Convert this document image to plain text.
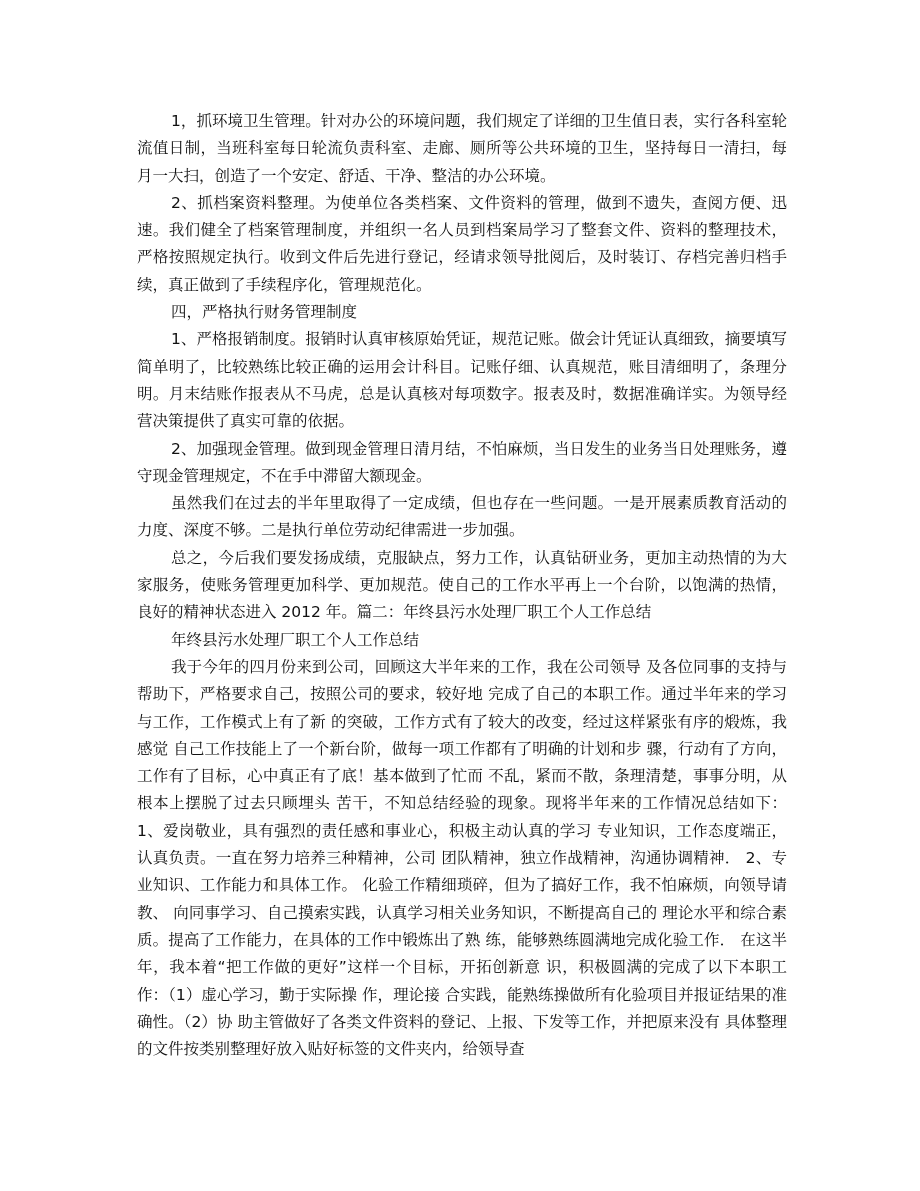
1，抓环境卫生管理。针对办公的环境问题，我们规定了详细的卫生值日表，实行各科室轮流值日制，当班科室每日轮流负责科室、走廊、厕所等公共环境的卫生，坚持每日一清扫，每月一大扫，创造了一个安定、舒适、干净、整洁的办公环境。

2、抓档案资料整理。为使单位各类档案、文件资料的管理，做到不遗失，查阅方便、迅速。我们健全了档案管理制度，并组织一名人员到档案局学习了整套文件、资料的整理技术，严格按照规定执行。收到文件后先进行登记，经请求领导批阅后，及时装订、存档完善归档手续，真正做到了手续程序化，管理规范化。

四，严格执行财务管理制度

1、严格报销制度。报销时认真审核原始凭证，规范记账。做会计凭证认真细致，摘要填写简单明了，比较熟练比较正确的运用会计科目。记账仔细、认真规范，账目清细明了，条理分明。月末结账作报表从不马虎，总是认真核对每项数字。报表及时，数据准确详实。为领导经营决策提供了真实可靠的依据。

2、加强现金管理。做到现金管理日清月结，不怕麻烦，当日发生的业务当日处理账务，遵守现金管理规定，不在手中滞留大额现金。

虽然我们在过去的半年里取得了一定成绩，但也存在一些问题。一是开展素质教育活动的力度、深度不够。二是执行单位劳动纪律需进一步加强。

总之，今后我们要发扬成绩，克服缺点，努力工作，认真钻研业务，更加主动热情的为大家服务，使账务管理更加科学、更加规范。使自己的工作水平再上一个台阶，以饱满的热情，良好的精神状态进入 2012 年。篇二：年终县污水处理厂职工个人工作总结

年终县污水处理厂职工个人工作总结

我于今年的四月份来到公司，回顾这大半年来的工作，我在公司领导 及各位同事的支持与帮助下，严格要求自己，按照公司的要求，较好地 完成了自己的本职工作。通过半年来的学习与工作，工作模式上有了新 的突破，工作方式有了较大的改变，经过这样紧张有序的煅炼，我感觉 自己工作技能上了一个新台阶，做每一项工作都有了明确的计划和步 骤，行动有了方向，工作有了目标，心中真正有了底！基本做到了忙而 不乱，紧而不散，条理清楚，事事分明，从根本上摆脱了过去只顾埋头 苦干，不知总结经验的现象。现将半年来的工作情况总结如下： 1、爱岗敬业，具有强烈的责任感和事业心，积极主动认真的学习 专业知识，工作态度端正，认真负责。一直在努力培养三种精神，公司 团队精神，独立作战精神，沟通协调精神． 2、专业知识、工作能力和具体工作。 化验工作精细琐碎，但为了搞好工作，我不怕麻烦，向领导请教、 向同事学习、自己摸索实践，认真学习相关业务知识，不断提高自己的 理论水平和综合素质。提高了工作能力，在具体的工作中锻炼出了熟 练，能够熟练圆满地完成化验工作． 在这半年，我本着“把工作做的更好”这样一个目标，开拓创新意 识，积极圆满的完成了以下本职工作：（1）虚心学习，勤于实际操 作，理论接 合实践，能熟练操做所有化验项目并报证结果的准确性。（2）协 助主管做好了各类文件资料的登记、上报、下发等工作，并把原来没有 具体整理的文件按类别整理好放入贴好标签的文件夹内，给领导查
